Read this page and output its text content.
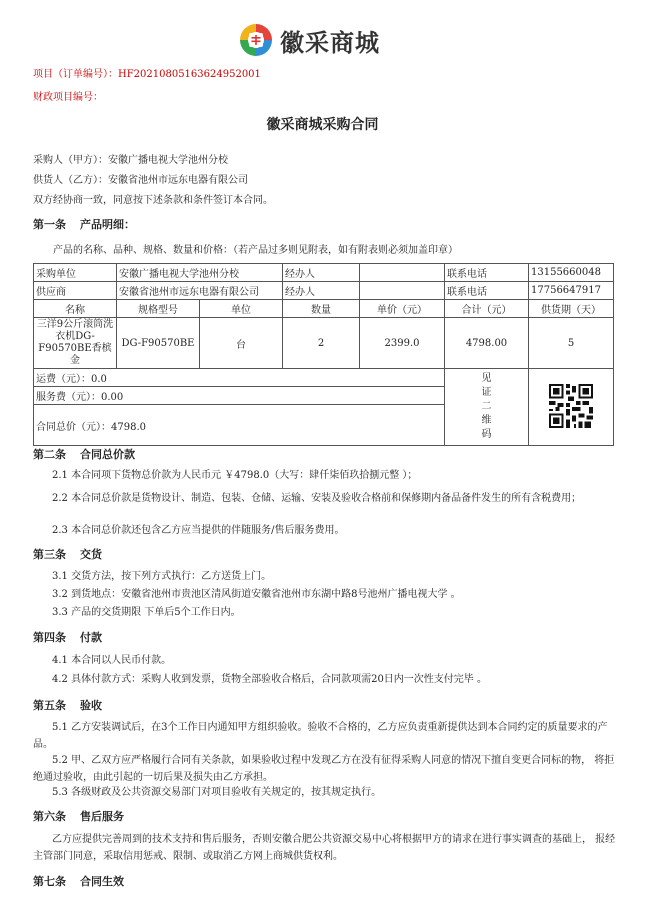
徽采商城
项目（订单编号）：HF20210805163624952001
财政项目编号：
徽采商城采购合同
采购人（甲方）：安徽广播电视大学池州分校
供货人（乙方）：安徽省池州市远东电器有限公司
双方经协商一致，同意按下述条款和条件签订本合同。
第一条 产品明细：
产品的名称、品种、规格、数量和价格：（若产品过多则见附表，如有附表则必须加盖印章）
采购单位	安徽广播电视大学池州分校		经办人		联系电话	13155660048
供应商	安徽省池州市远东电器有限公司		经办人		联系电话	17756647917
名称	规格型号	单位	数量	单价（元）	合计（元）	供货期（天）
三洋9公斤滚筒洗衣机DG-F90570BE香槟金	DG-F90570BE	台	2	2399.0	4798.00	5
运费（元）：0.0					见证二维码

服务费（元）：0.00						
合同总价（元）：4798.0						
第二条 合同总价款
2.1 本合同项下货物总价款为人民币元 ￥4798.0（大写：肆仟柒佰玖拾捌元整 ）；
2.2 本合同总价款是货物设计、制造、包装、仓储、运输、安装及验收合格前和保修期内备品备件发生的所有含税费用；
2.3 本合同总价款还包含乙方应当提供的伴随服务/售后服务费用。
第三条 交货
3.1 交货方法，按下列方式执行：乙方送货上门。
3.2 到货地点：安徽省池州市贵池区清风街道安徽省池州市东湖中路8号池州广播电视大学 。
3.3 产品的交货期限 下单后5个工作日内。
第四条 付款
4.1 本合同以人民币付款。
4.2 具体付款方式：采购人收到发票，货物全部验收合格后，合同款项需20日内一次性支付完毕 。
第五条 验收
5.1 乙方安装调试后，在3个工作日内通知甲方组织验收。验收不合格的，乙方应负责重新提供达到本合同约定的质量要求的产品。
5.2 甲、乙双方应严格履行合同有关条款，如果验收过程中发现乙方在没有征得采购人同意的情况下擅自变更合同标的物， 将拒绝通过验收，由此引起的一切后果及损失由乙方承担。
5.3 各级财政及公共资源交易部门对项目验收有关规定的，按其规定执行。
第六条 售后服务
乙方应提供完善周到的技术支持和售后服务，否则安徽合肥公共资源交易中心将根据甲方的请求在进行事实调查的基础上， 报经主管部门同意，采取信用惩戒、限制、或取消乙方网上商城供货权利。
第七条 合同生效
